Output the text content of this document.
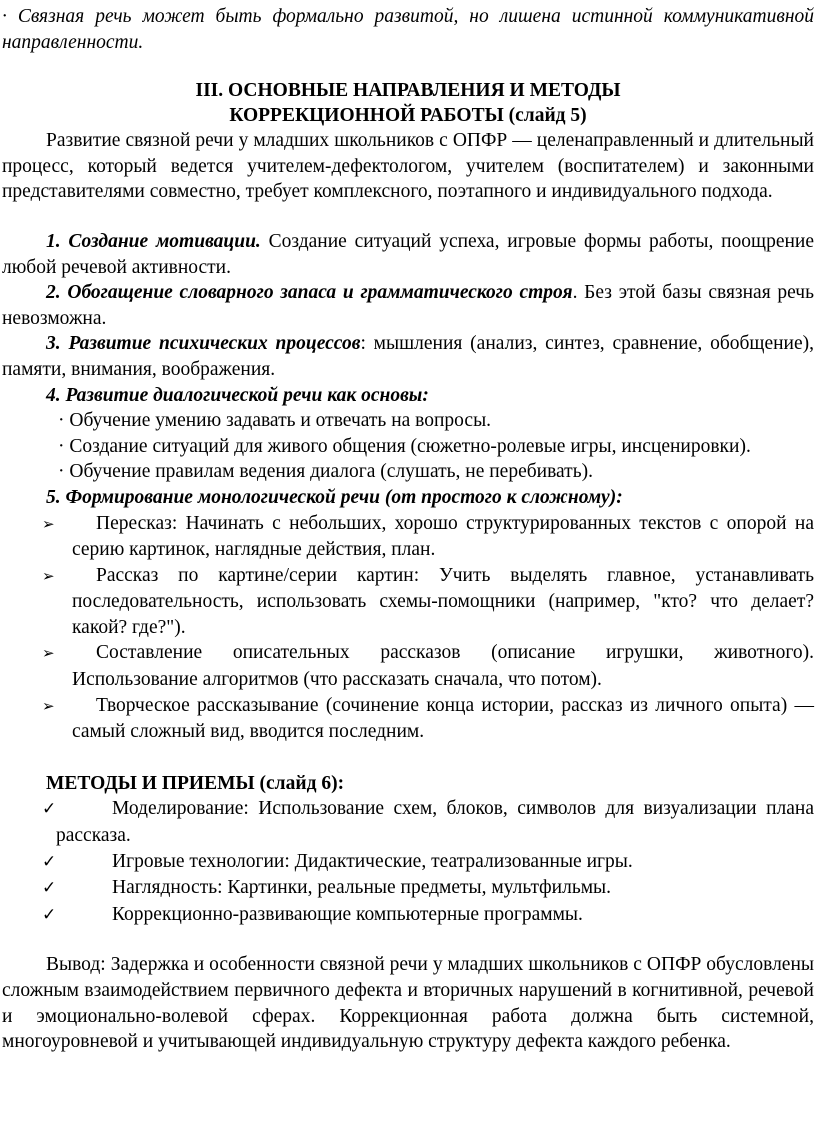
· Связная речь может быть формально развитой, но лишена истинной коммуникативной направленности.

III. ОСНОВНЫЕ НАПРАВЛЕНИЯ И МЕТОДЫ
КОРРЕКЦИОННОЙ РАБОТЫ (слайд 5)

Развитие связной речи у младших школьников с ОПФР — целенаправленный и длительный процесс, который ведется учителем-дефектологом, учителем (воспитателем) и законными представителями совместно, требует комплексного, поэтапного и индивидуального подхода.

1. Создание мотивации. Создание ситуаций успеха, игровые формы работы, поощрение любой речевой активности.

2. Обогащение словарного запаса и грамматического строя. Без этой базы связная речь невозможна.

3. Развитие психических процессов: мышления (анализ, синтез, сравнение, обобщение), памяти, внимания, воображения.

4. Развитие диалогической речи как основы:

· Обучение умению задавать и отвечать на вопросы.

· Создание ситуаций для живого общения (сюжетно-ролевые игры, инсценировки).

· Обучение правилам ведения диалога (слушать, не перебивать).

5. Формирование монологической речи (от простого к сложному):

➢ Пересказ: Начинать с небольших, хорошо структурированных текстов с опорой на серию картинок, наглядные действия, план.

➢ Рассказ по картине/серии картин: Учить выделять главное, устанавливать последовательность, использовать схемы-помощники (например, "кто? что делает? какой? где?").

➢ Составление описательных рассказов (описание игрушки, животного). Использование алгоритмов (что рассказать сначала, что потом).

➢ Творческое рассказывание (сочинение конца истории, рассказ из личного опыта) — самый сложный вид, вводится последним.

МЕТОДЫ И ПРИЕМЫ (слайд 6):

✓	Моделирование: Использование схем, блоков, символов для визуализации плана рассказа.

✓	Игровые технологии: Дидактические, театрализованные игры.

✓	Наглядность: Картинки, реальные предметы, мультфильмы.

✓	Коррекционно-развивающие компьютерные программы.

Вывод: Задержка и особенности связной речи у младших школьников с ОПФР обусловлены сложным взаимодействием первичного дефекта и вторичных нарушений в когнитивной, речевой и эмоционально-волевой сферах. Коррекционная работа должна быть системной, многоуровневой и учитывающей индивидуальную структуру дефекта каждого ребенка.
